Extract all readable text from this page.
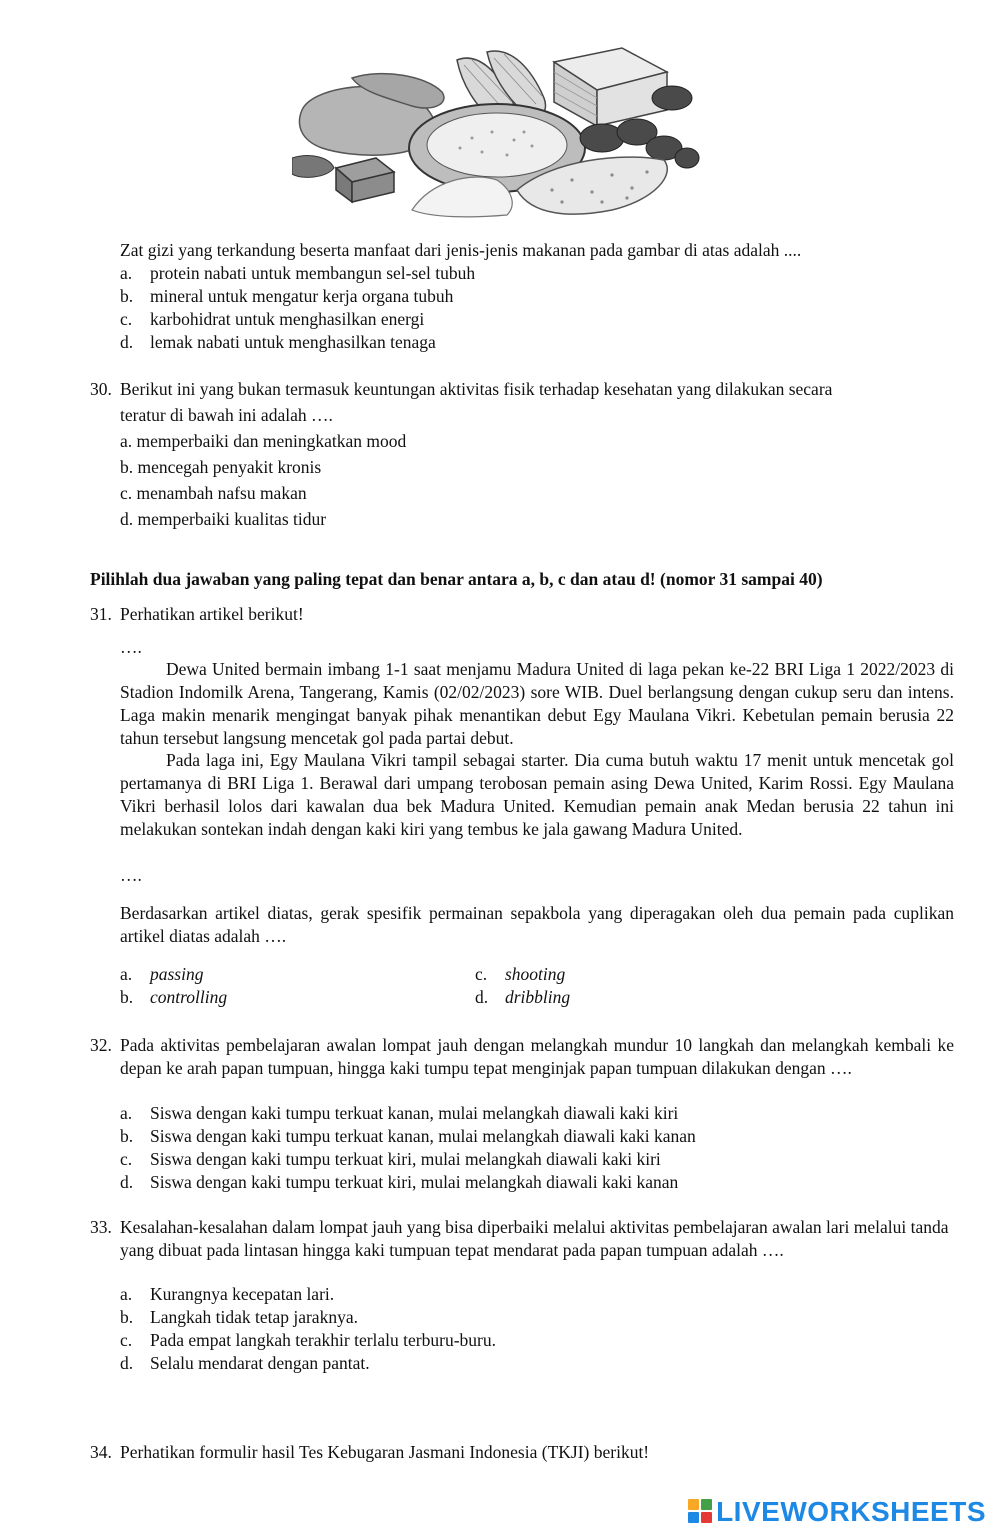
Zat gizi yang terkandung beserta manfaat dari jenis-jenis makanan pada gambar di atas adalah ....
a. protein nabati untuk membangun sel-sel tubuh
b. mineral untuk mengatur kerja organa tubuh
c. karbohidrat untuk menghasilkan energi
d. lemak nabati untuk menghasilkan tenaga
30. Berikut ini yang bukan termasuk keuntungan aktivitas fisik terhadap kesehatan yang dilakukan secara
teratur di bawah ini adalah ….
a. memperbaiki dan meningkatkan mood
b. mencegah penyakit kronis
c. menambah nafsu makan
d. memperbaiki kualitas tidur
Pilihlah dua jawaban yang paling tepat dan benar antara a, b, c dan atau d! (nomor 31 sampai 40)
31. Perhatikan artikel berikut!
….
Dewa United bermain imbang 1-1 saat menjamu Madura United di laga pekan ke-22 BRI Liga 1 2022/2023 di Stadion Indomilk Arena, Tangerang, Kamis (02/02/2023) sore WIB. Duel berlangsung dengan cukup seru dan intens. Laga makin menarik mengingat banyak pihak menantikan debut Egy Maulana Vikri. Kebetulan pemain berusia 22 tahun tersebut langsung mencetak gol pada partai debut.
Pada laga ini, Egy Maulana Vikri tampil sebagai starter. Dia cuma butuh waktu 17 menit untuk mencetak gol pertamanya di BRI Liga 1. Berawal dari umpang terobosan pemain asing Dewa United, Karim Rossi. Egy Maulana Vikri berhasil lolos dari kawalan dua bek Madura United. Kemudian pemain anak Medan berusia 22 tahun ini melakukan sontekan indah dengan kaki kiri yang tembus ke jala gawang Madura United.
….
Berdasarkan artikel diatas, gerak spesifik permainan sepakbola yang diperagakan oleh dua pemain pada cuplikan artikel diatas adalah ….
a. passing
b. controlling
c. shooting
d. dribbling
32. Pada aktivitas pembelajaran awalan lompat jauh dengan melangkah mundur 10 langkah dan melangkah kembali ke depan ke arah papan tumpuan, hingga kaki tumpu tepat menginjak papan tumpuan dilakukan dengan ….
a. Siswa dengan kaki tumpu terkuat kanan, mulai melangkah diawali kaki kiri
b. Siswa dengan kaki tumpu terkuat kanan, mulai melangkah diawali kaki kanan
c. Siswa dengan kaki tumpu terkuat kiri, mulai melangkah diawali kaki kiri
d. Siswa dengan kaki tumpu terkuat kiri, mulai melangkah diawali kaki kanan
33. Kesalahan-kesalahan dalam lompat jauh yang bisa diperbaiki melalui aktivitas pembelajaran awalan lari melalui tanda yang dibuat pada lintasan hingga kaki tumpuan tepat mendarat pada papan tumpuan adalah ….
a. Kurangnya kecepatan lari.
b. Langkah tidak tetap jaraknya.
c. Pada empat langkah terakhir terlalu terburu-buru.
d. Selalu mendarat dengan pantat.
34. Perhatikan formulir hasil Tes Kebugaran Jasmani Indonesia (TKJI) berikut!
LIVEWORKSHEETS
